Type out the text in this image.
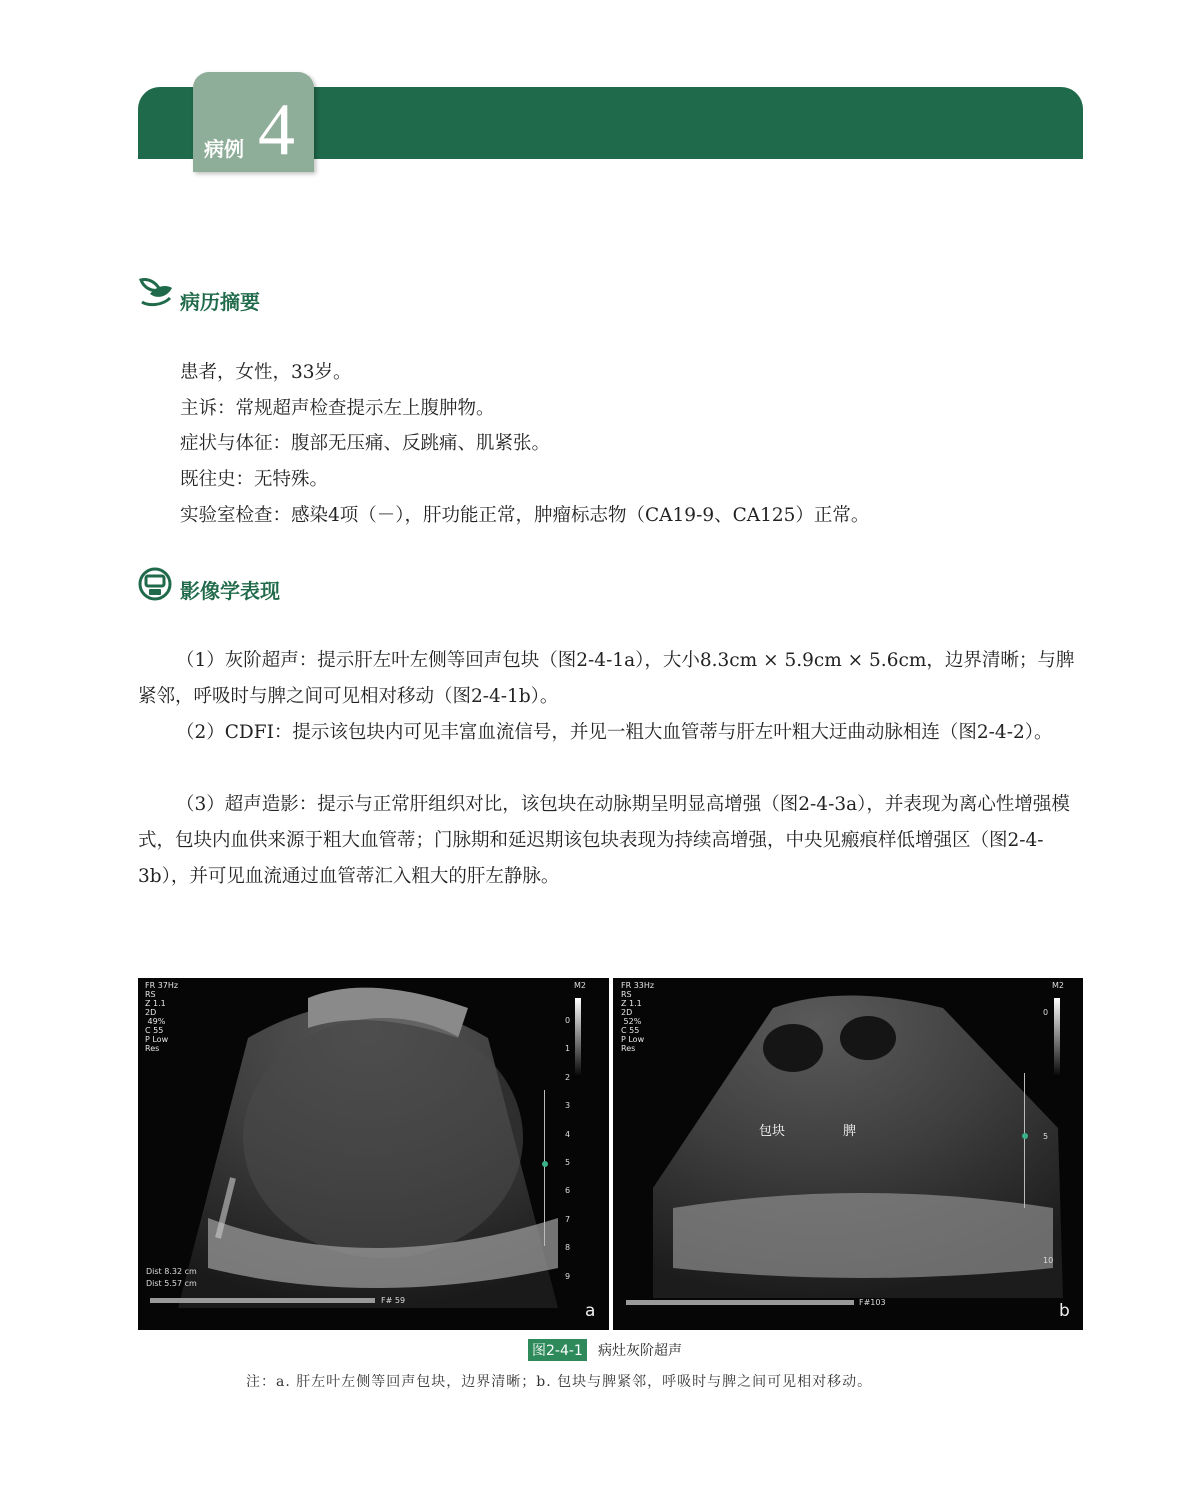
病例 4
病历摘要
患者，女性，33岁。
主诉：常规超声检查提示左上腹肿物。
症状与体征：腹部无压痛、反跳痛、肌紧张。
既往史：无特殊。
实验室检查：感染4项（－），肝功能正常，肿瘤标志物（CA19-9、CA125）正常。
影像学表现
（1）灰阶超声：提示肝左叶左侧等回声包块（图2-4-1a），大小8.3cm × 5.9cm × 5.6cm，边界清晰；与脾紧邻，呼吸时与脾之间可见相对移动（图2-4-1b）。
（2）CDFI：提示该包块内可见丰富血流信号，并见一粗大血管蒂与肝左叶粗大迂曲动脉相连（图2-4-2）。
（3）超声造影：提示与正常肝组织对比，该包块在动脉期呈明显高增强（图2-4-3a），并表现为离心性增强模式，包块内血供来源于粗大血管蒂；门脉期和延迟期该包块表现为持续高增强，中央见瘢痕样低增强区（图2-4-3b），并可见血流通过血管蒂汇入粗大的肝左静脉。
FR 37Hz
RS
Z 1.1
2D
49%
C 55
P Low
Res
M2
0
1
2
3
4
5
6
7
8
9
Dist 8.32 cm
Dist 5.57 cm
F# 59
a
FR 33Hz
RS
Z 1.1
2D
52%
C 55
P Low
Res
M2
0
5
10
包块	脾
F#103	b
图2-4-1 病灶灰阶超声
注：a. 肝左叶左侧等回声包块，边界清晰；b. 包块与脾紧邻，呼吸时与脾之间可见相对移动。
